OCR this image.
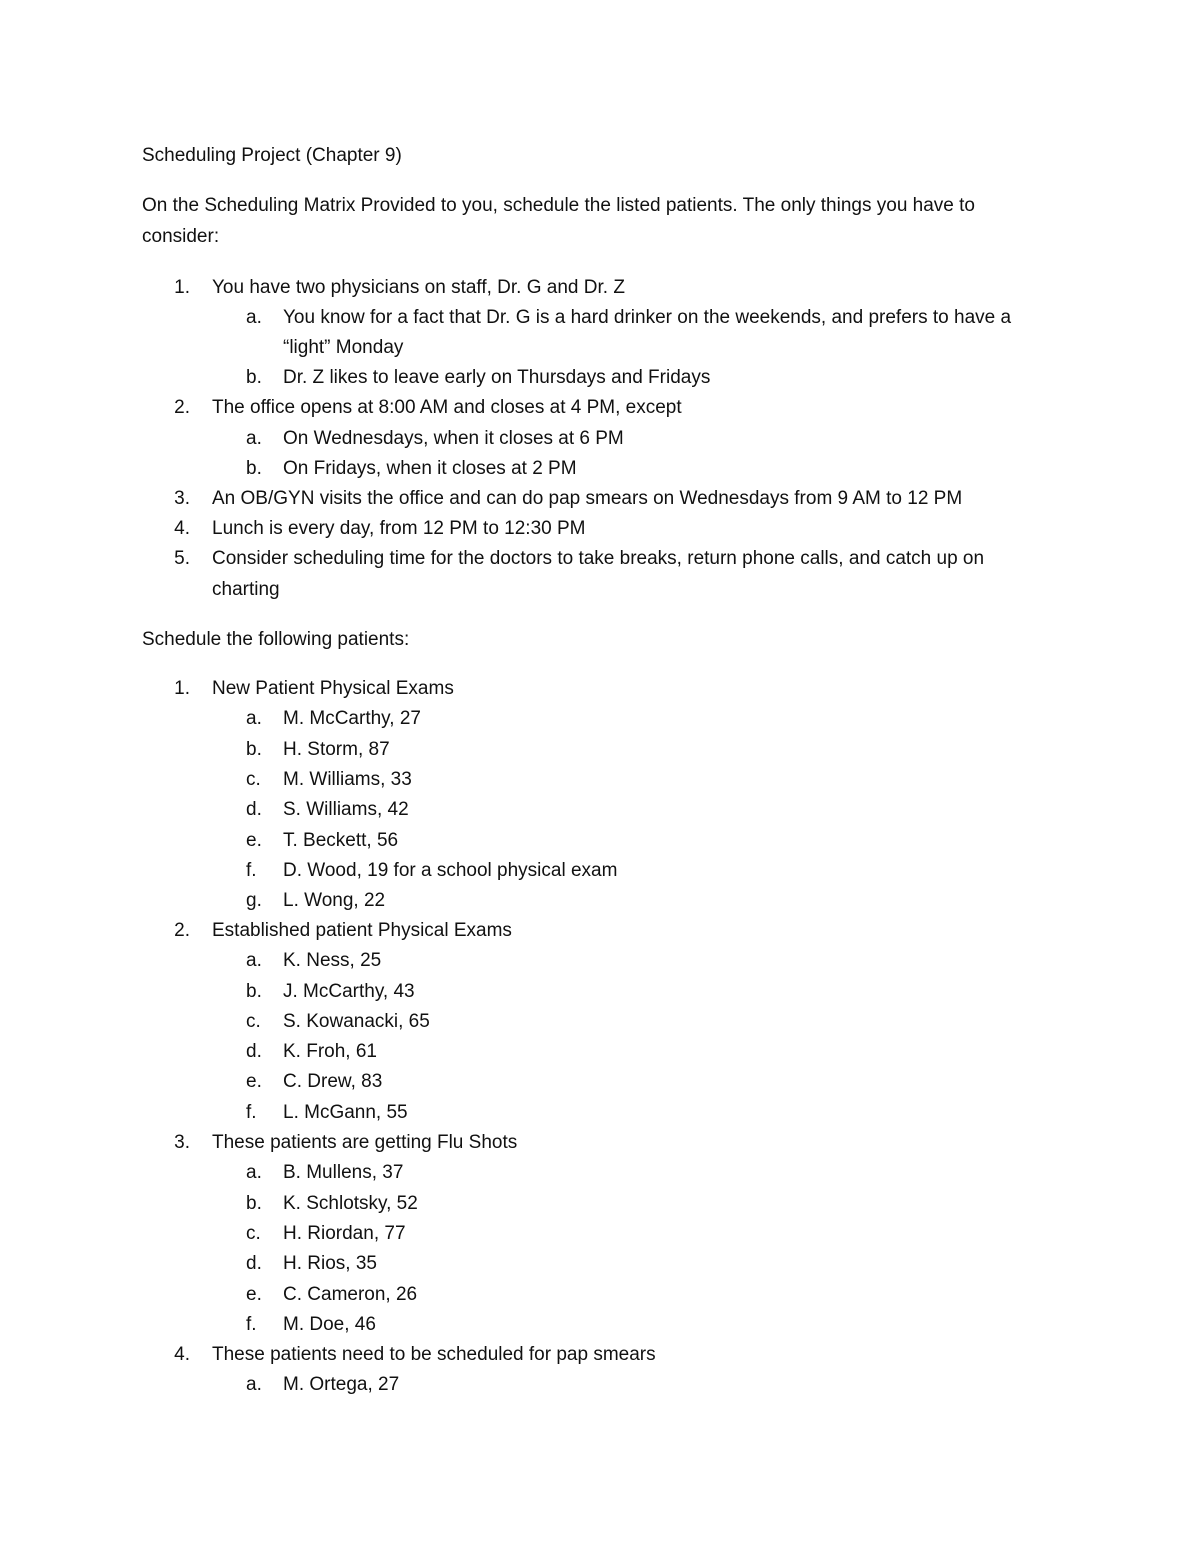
Scheduling Project (Chapter 9)
On the Scheduling Matrix Provided to you, schedule the listed patients. The only things you have to
consider:
1. You have two physicians on staff, Dr. G and Dr. Z
a. You know for a fact that Dr. G is a hard drinker on the weekends, and prefers to have a
“light” Monday
b. Dr. Z likes to leave early on Thursdays and Fridays
2. The office opens at 8:00 AM and closes at 4 PM, except
a. On Wednesdays, when it closes at 6 PM
b. On Fridays, when it closes at 2 PM
3. An OB/GYN visits the office and can do pap smears on Wednesdays from 9 AM to 12 PM
4. Lunch is every day, from 12 PM to 12:30 PM
5. Consider scheduling time for the doctors to take breaks, return phone calls, and catch up on
charting
Schedule the following patients:
1. New Patient Physical Exams
a. M. McCarthy, 27
b. H. Storm, 87
c. M. Williams, 33
d. S. Williams, 42
e. T. Beckett, 56
f. D. Wood, 19 for a school physical exam
g. L. Wong, 22
2. Established patient Physical Exams
a. K. Ness, 25
b. J. McCarthy, 43
c. S. Kowanacki, 65
d. K. Froh, 61
e. C. Drew, 83
f. L. McGann, 55
3. These patients are getting Flu Shots
a. B. Mullens, 37
b. K. Schlotsky, 52
c. H. Riordan, 77
d. H. Rios, 35
e. C. Cameron, 26
f. M. Doe, 46
4. These patients need to be scheduled for pap smears
a. M. Ortega, 27
